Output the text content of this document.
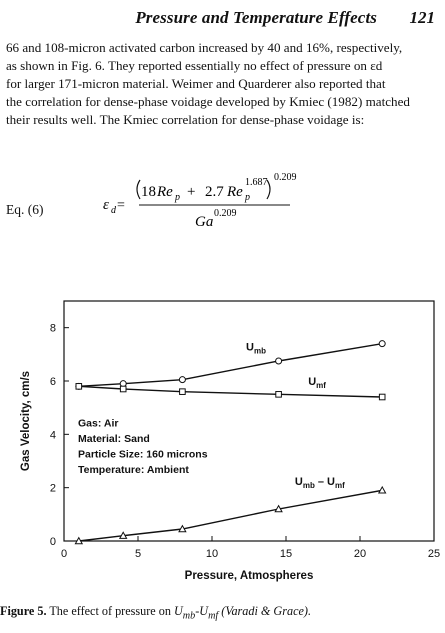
Pressure and Temperature Effects 121
66 and 108-micron activated carbon increased by 40 and 16%, respectively,
as shown in Fig. 6. They reported essentially no effect of pressure on εd
for larger 171-micron material. Weimer and Quarderer also reported that
the correlation for dense-phase voidage developed by Kmiec (1982) matched
their results well. The Kmiec correlation for dense-phase voidage is:
Eq. (6)	ε d =
18 Re p + 2.7 Re p
1.687 0.209
Ga
0.209
0	5	10	15	20	25
0
2
4
6
8
Pressure, Atmospheres
Gas Velocity, cm/s
$U_{mb}$
$U_{mf}$
$U_{mb} - U_{mf}$
Gas: Air
Material: Sand
Particle Size: 160 microns
Temperature: Ambient
Figure 5. The effect of pressure on $U_{mb}-U_{mf}$ (Varadi & Grace).
